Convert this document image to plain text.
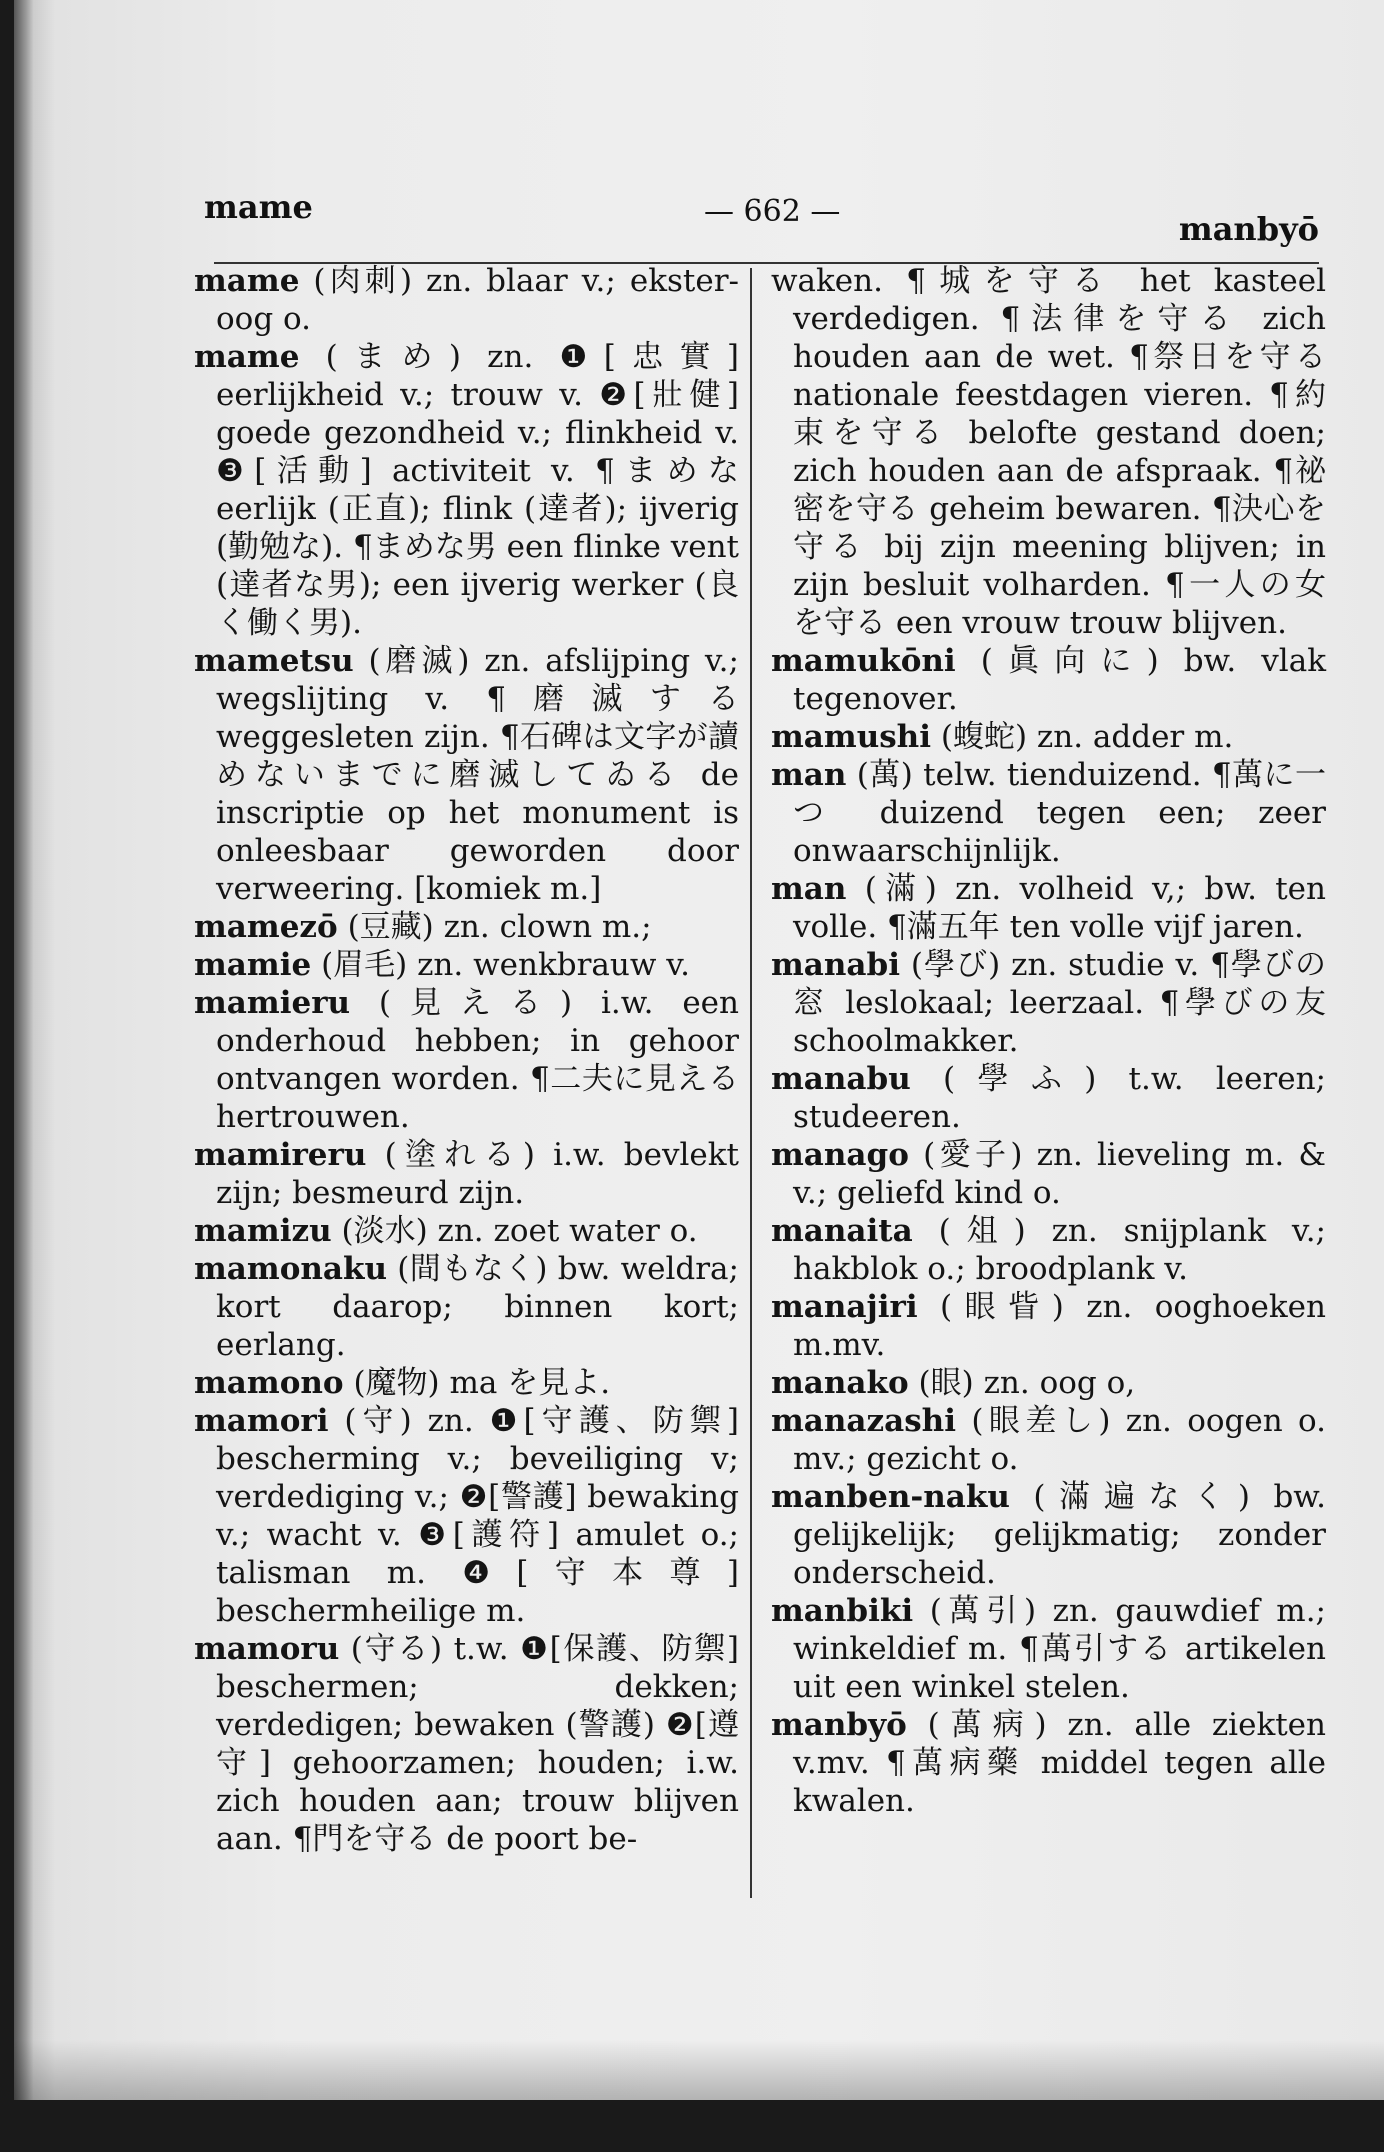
mame	— 662 —	manbyō

mame (肉刺) zn. blaar v.; ekster-oog o.

mame (まめ) zn. ❶[忠實] eerlijkheid v.; trouw v. ❷[壯健] goede gezondheid v.; flinkheid v. ❸[活動] activiteit v. ¶まめな eerlijk (正直); flink (達者); ijverig (勤勉な). ¶まめな男 een flinke vent (達者な男); een ijverig werker (良く働く男).

mametsu (磨滅) zn. afslijping v.; wegslijting v. ¶磨滅する weggesleten zijn. ¶石碑は文字が讀めないまでに磨滅してゐる de inscriptie op het monument is onleesbaar geworden door verweering. [komiek m.]

mamezō (豆藏) zn. clown m.;

mamie (眉毛) zn. wenkbrauw v.

mamieru (見える) i.w. een onderhoud hebben; in gehoor ontvangen worden. ¶二夫に見える hertrouwen.

mamireru (塗れる) i.w. bevlekt zijn; besmeurd zijn.

mamizu (淡水) zn. zoet water o.

mamonaku (間もなく) bw. weldra; kort daarop; binnen kort; eerlang.

mamono (魔物) ma を見よ.

mamori (守) zn. ❶[守護、防禦] bescherming v.; beveiliging v; verdediging v.; ❷[警護] bewaking v.; wacht v. ❸[護符] amulet o.; talisman m. ❹[守本尊] beschermheilige m.

mamoru (守る) t.w. ❶[保護、防禦] beschermen; dekken; verdedigen; bewaken (警護) ❷[遵守] gehoorzamen; houden; i.w. zich houden aan; trouw blijven aan. ¶門を守る de poort be-

waken. ¶城を守る het kasteel verdedigen. ¶法律を守る zich houden aan de wet. ¶祭日を守る nationale feestdagen vieren. ¶約束を守る belofte gestand doen; zich houden aan de afspraak. ¶祕密を守る geheim bewaren. ¶決心を守る bij zijn meening blijven; in zijn besluit volharden. ¶一人の女を守る een vrouw trouw blijven.

mamukōni (眞向に) bw. vlak tegenover.

mamushi (蝮蛇) zn. adder m.

man (萬) telw. tienduizend. ¶萬に一つ duizend tegen een; zeer onwaarschijnlijk.

man (滿) zn. volheid v,; bw. ten volle. ¶滿五年 ten volle vijf jaren.

manabi (學び) zn. studie v. ¶學びの窓 leslokaal; leerzaal. ¶學びの友 schoolmakker.

manabu (學ふ) t.w. leeren; studeeren.

manago (愛子) zn. lieveling m. & v.; geliefd kind o.

manaita (俎) zn. snijplank v.; hakblok o.; broodplank v.

manajiri (眼眥) zn. ooghoeken m.mv.

manako (眼) zn. oog o,

manazashi (眼差し) zn. oogen o. mv.; gezicht o.

manben-naku (滿遍なく) bw. gelijkelijk; gelijkmatig; zonder onderscheid.

manbiki (萬引) zn. gauwdief m.; winkeldief m. ¶萬引する artikelen uit een winkel stelen.

manbyō (萬病) zn. alle ziekten v.mv. ¶萬病藥 middel tegen alle kwalen.
